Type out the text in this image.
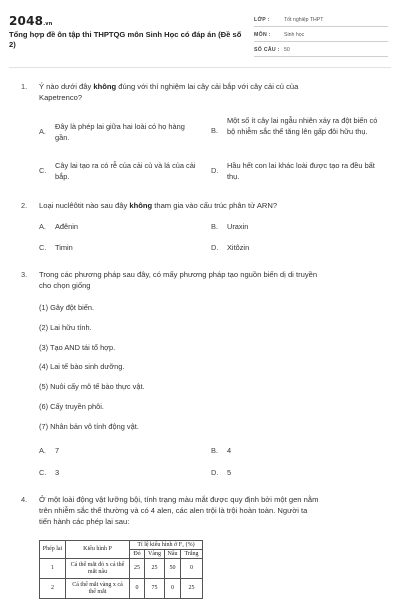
2048.vn
Tổng hợp đề ôn tập thi THPTQG môn Sinh Học có đáp án (Đề số 2)
LỚP :	Tốt nghiệp THPT
MÔN :	Sinh học
SỐ CÂU : 50
1. Ý nào dưới đây không đúng với thí nghiệm lai cây cải bắp với cây cải củ của
Kapetrenco?
A.
Đây là phép lai giữa hai loài có họ hàng gần.
B.
Một số ít cây lai ngẫu nhiên xảy ra đột biến có bộ nhiễm sắc thể tăng lên gấp đôi hữu thụ.
C.
Cây lai tạo ra có rễ của cải củ và lá của cải bắp.
D.
Hầu hết con lai khác loài được tạo ra đều bất thụ.
2. Loại nuclêôtit nào sau đây không tham gia vào cấu trúc phân tử ARN?
A. Ađênin	B. Uraxin
C. Timin	D. Xitôzin
3. Trong các phương pháp sau đây, có mấy phương pháp tạo nguồn biến dị di truyền
cho chọn giống
(1) Gây đột biến.
(2) Lai hữu tính.
(3) Tạo AND tái tổ hợp.
(4) Lai tế bào sinh dưỡng.
(5) Nuôi cấy mô tế bào thực vật.
(6) Cấy truyền phôi.
(7) Nhân bản vô tính động vật.
A. 7	B. 4
C. 3	D. 5
4. Ở một loài động vật lưỡng bội, tính trạng màu mắt được quy định bởi một gen nằm
trên nhiễm sắc thể thường và có 4 alen, các alen trội là trội hoàn toàn. Người ta
tiến hành các phép lai sau:
Phép lai	Kiểu hình P	Tỉ lệ kiểu hình ở F₁ (%)			
		Đỏ	Vàng	Nâu	Trắng
1	Cá thể mắt đỏ x cá thể mắt nâu	25	25	50	0
2	Cá thể mắt vàng x cá thể mắt	0	75	0	25
